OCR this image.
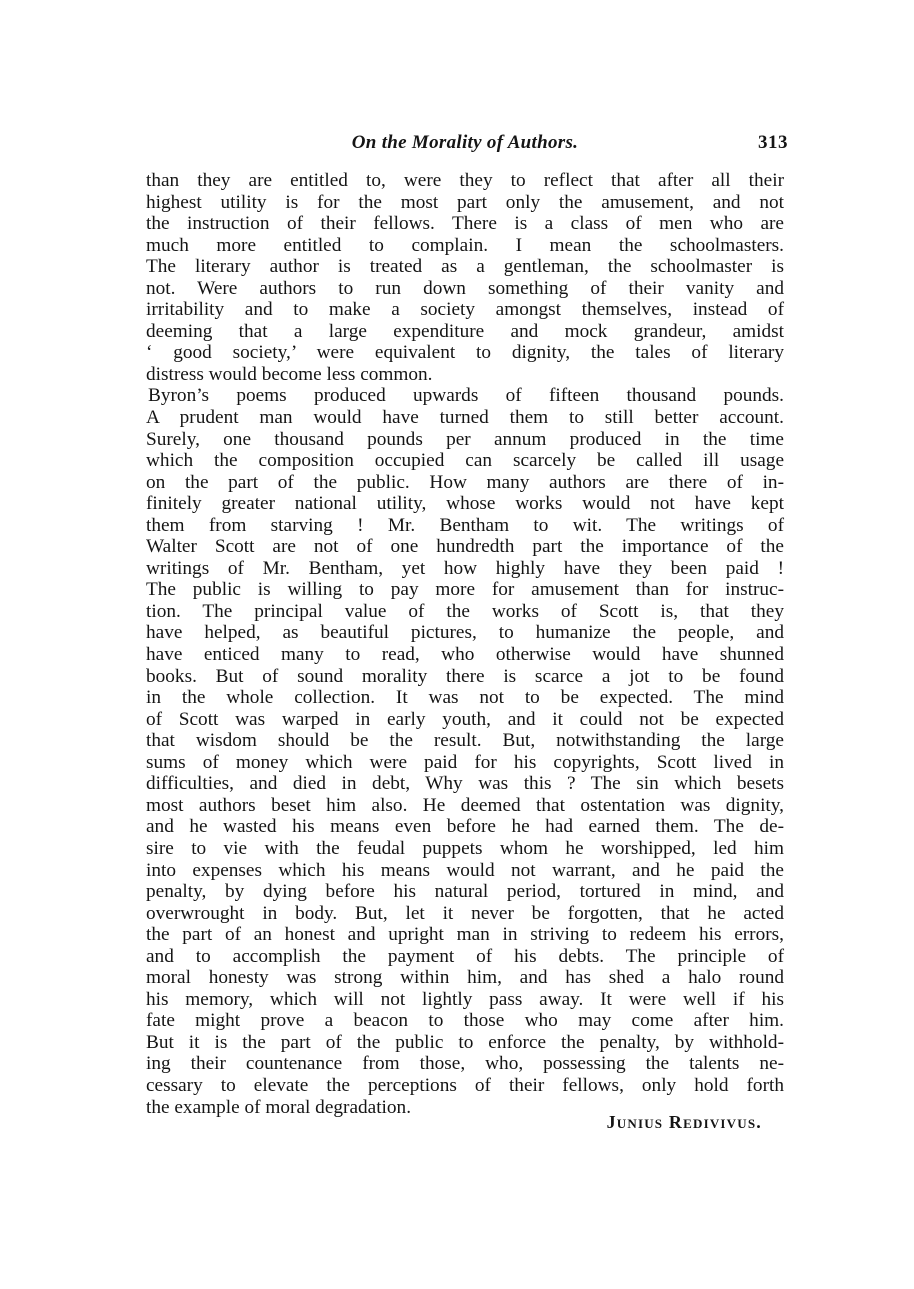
On the Morality of Authors.	313
than they are entitled to, were they to reflect that after all their
highest utility is for the most part only the amusement, and not
the instruction of their fellows. There is a class of men who are
much more entitled to complain. I mean the schoolmasters.
The literary author is treated as a gentleman, the schoolmaster is
not. Were authors to run down something of their vanity and
irritability and to make a society amongst themselves, instead of
deeming that a large expenditure and mock grandeur, amidst
‘ good society,’ were equivalent to dignity, the tales of literary
distress would become less common.
Byron’s poems produced upwards of fifteen thousand pounds.
A prudent man would have turned them to still better account.
Surely, one thousand pounds per annum produced in the time
which the composition occupied can scarcely be called ill usage
on the part of the public. How many authors are there of in-
finitely greater national utility, whose works would not have kept
them from starving ! Mr. Bentham to wit. The writings of
Walter Scott are not of one hundredth part the importance of the
writings of Mr. Bentham, yet how highly have they been paid !
The public is willing to pay more for amusement than for instruc-
tion. The principal value of the works of Scott is, that they
have helped, as beautiful pictures, to humanize the people, and
have enticed many to read, who otherwise would have shunned
books. But of sound morality there is scarce a jot to be found
in the whole collection. It was not to be expected. The mind
of Scott was warped in early youth, and it could not be expected
that wisdom should be the result. But, notwithstanding the large
sums of money which were paid for his copyrights, Scott lived in
difficulties, and died in debt, Why was this ? The sin which besets
most authors beset him also. He deemed that ostentation was dignity,
and he wasted his means even before he had earned them. The de-
sire to vie with the feudal puppets whom he worshipped, led him
into expenses which his means would not warrant, and he paid the
penalty, by dying before his natural period, tortured in mind, and
overwrought in body. But, let it never be forgotten, that he acted
the part of an honest and upright man in striving to redeem his errors,
and to accomplish the payment of his debts. The principle of
moral honesty was strong within him, and has shed a halo round
his memory, which will not lightly pass away. It were well if his
fate might prove a beacon to those who may come after him.
But it is the part of the public to enforce the penalty, by withhold-
ing their countenance from those, who, possessing the talents ne-
cessary to elevate the perceptions of their fellows, only hold forth
the example of moral degradation.
Junius Redivivus.
